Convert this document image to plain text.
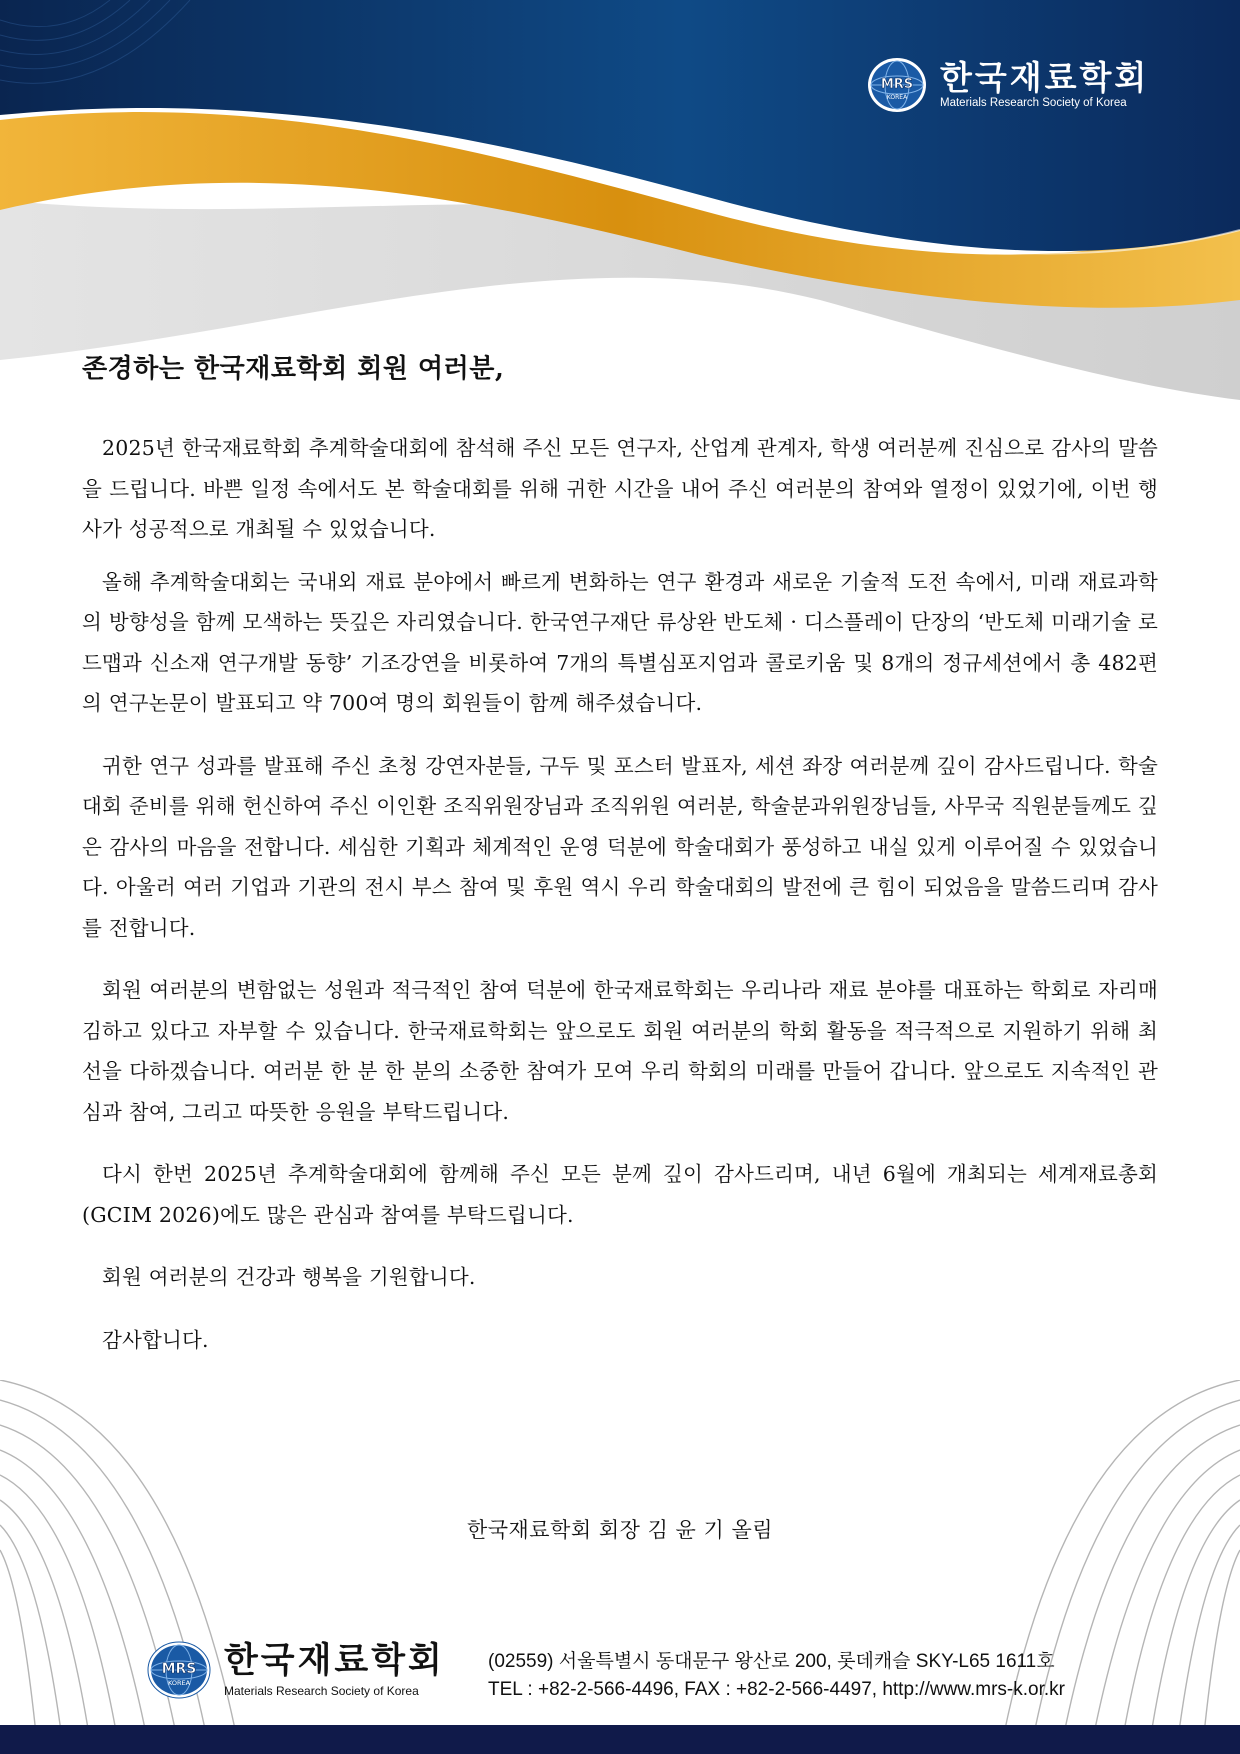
MRS
KOREA
한국재료학회
Materials Research Society of Korea
존경하는 한국재료학회 회원 여러분,

2025년 한국재료학회 추계학술대회에 참석해 주신 모든 연구자, 산업계 관계자, 학생 여러분께 진심으로 감사의 말씀을 드립니다. 바쁜 일정 속에서도 본 학술대회를 위해 귀한 시간을 내어 주신 여러분의 참여와 열정이 있었기에, 이번 행사가 성공적으로 개최될 수 있었습니다.

올해 추계학술대회는 국내외 재료 분야에서 빠르게 변화하는 연구 환경과 새로운 기술적 도전 속에서, 미래 재료과학의 방향성을 함께 모색하는 뜻깊은 자리였습니다. 한국연구재단 류상완 반도체 · 디스플레이 단장의 ‘반도체 미래기술 로드맵과 신소재 연구개발 동향’ 기조강연을 비롯하여 7개의 특별심포지엄과 콜로키움 및 8개의 정규세션에서 총 482편의 연구논문이 발표되고 약 700여 명의 회원들이 함께 해주셨습니다.

귀한 연구 성과를 발표해 주신 초청 강연자분들, 구두 및 포스터 발표자, 세션 좌장 여러분께 깊이 감사드립니다. 학술대회 준비를 위해 헌신하여 주신 이인환 조직위원장님과 조직위원 여러분, 학술분과위원장님들, 사무국 직원분들께도 깊은 감사의 마음을 전합니다. 세심한 기획과 체계적인 운영 덕분에 학술대회가 풍성하고 내실 있게 이루어질 수 있었습니다. 아울러 여러 기업과 기관의 전시 부스 참여 및 후원 역시 우리 학술대회의 발전에 큰 힘이 되었음을 말씀드리며 감사를 전합니다.

회원 여러분의 변함없는 성원과 적극적인 참여 덕분에 한국재료학회는 우리나라 재료 분야를 대표하는 학회로 자리매김하고 있다고 자부할 수 있습니다. 한국재료학회는 앞으로도 회원 여러분의 학회 활동을 적극적으로 지원하기 위해 최선을 다하겠습니다. 여러분 한 분 한 분의 소중한 참여가 모여 우리 학회의 미래를 만들어 갑니다. 앞으로도 지속적인 관심과 참여, 그리고 따뜻한 응원을 부탁드립니다.

다시 한번 2025년 추계학술대회에 함께해 주신 모든 분께 깊이 감사드리며, 내년 6월에 개최되는 세계재료총회(GCIM 2026)에도 많은 관심과 참여를 부탁드립니다.

회원 여러분의 건강과 행복을 기원합니다.

감사합니다.

한국재료학회 회장 김 윤 기 올림
MRS
KOREA
한국재료학회
Materials Research Society of Korea
(02559) 서울특별시 동대문구 왕산로 200, 롯데캐슬 SKY-L65 1611호
TEL : +82-2-566-4496, FAX : +82-2-566-4497, http://www.mrs-k.or.kr
